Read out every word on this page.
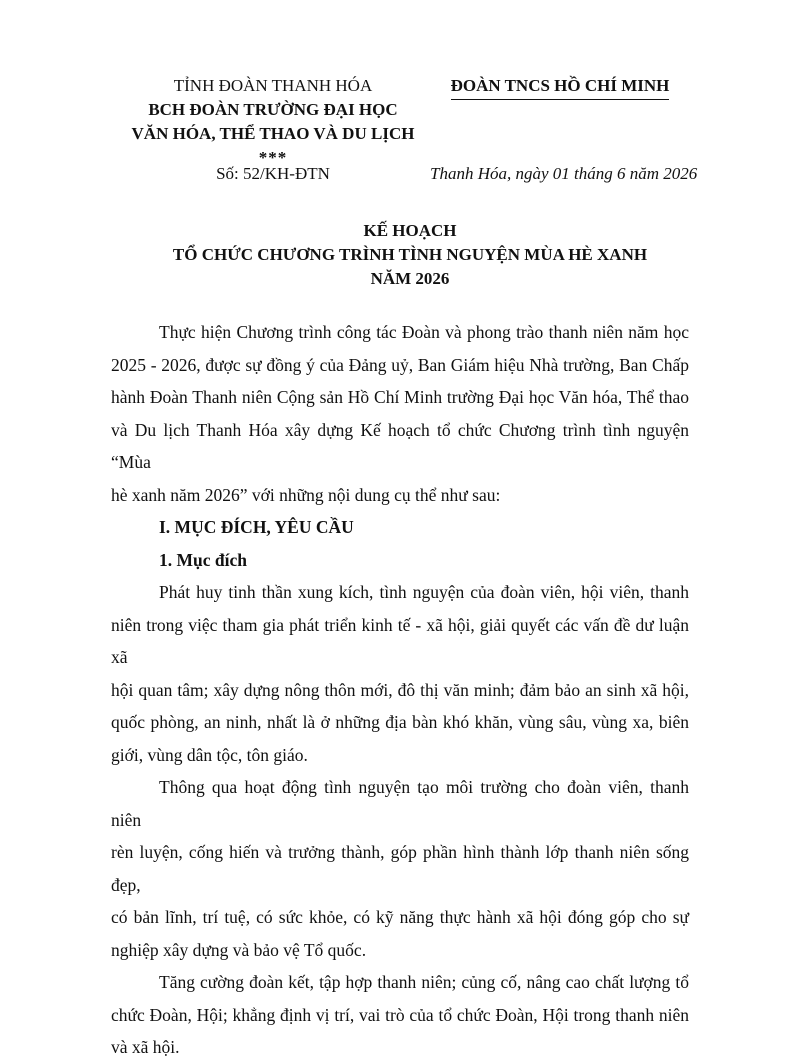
TỈNH ĐOÀN THANH HÓA
BCH ĐOÀN TRƯỜNG ĐẠI HỌC
VĂN HÓA, THỂ THAO VÀ DU LỊCH
***
ĐOÀN TNCS HỒ CHÍ MINH
Số: 52/KH-ĐTN	Thanh Hóa, ngày 01 tháng 6 năm 2026
KẾ HOẠCH
TỔ CHỨC CHƯƠNG TRÌNH TÌNH NGUYỆN MÙA HÈ XANH
NĂM 2026
Thực hiện Chương trình công tác Đoàn và phong trào thanh niên năm học
2025 - 2026, được sự đồng ý của Đảng uỷ, Ban Giám hiệu Nhà trường, Ban Chấp
hành Đoàn Thanh niên Cộng sản Hồ Chí Minh trường Đại học Văn hóa, Thể thao
và Du lịch Thanh Hóa xây dựng Kế hoạch tổ chức Chương trình tình nguyện “Mùa
hè xanh năm 2026” với những nội dung cụ thể như sau:
I. MỤC ĐÍCH, YÊU CẦU
1. Mục đích
Phát huy tinh thần xung kích, tình nguyện của đoàn viên, hội viên, thanh
niên trong việc tham gia phát triển kinh tế - xã hội, giải quyết các vấn đề dư luận xã
hội quan tâm; xây dựng nông thôn mới, đô thị văn minh; đảm bảo an sinh xã hội,
quốc phòng, an ninh, nhất là ở những địa bàn khó khăn, vùng sâu, vùng xa, biên
giới, vùng dân tộc, tôn giáo.
Thông qua hoạt động tình nguyện tạo môi trường cho đoàn viên, thanh niên
rèn luyện, cống hiến và trưởng thành, góp phần hình thành lớp thanh niên sống đẹp,
có bản lĩnh, trí tuệ, có sức khỏe, có kỹ năng thực hành xã hội đóng góp cho sự
nghiệp xây dựng và bảo vệ Tổ quốc.
Tăng cường đoàn kết, tập hợp thanh niên; củng cố, nâng cao chất lượng tổ
chức Đoàn, Hội; khẳng định vị trí, vai trò của tổ chức Đoàn, Hội trong thanh niên
và xã hội.
